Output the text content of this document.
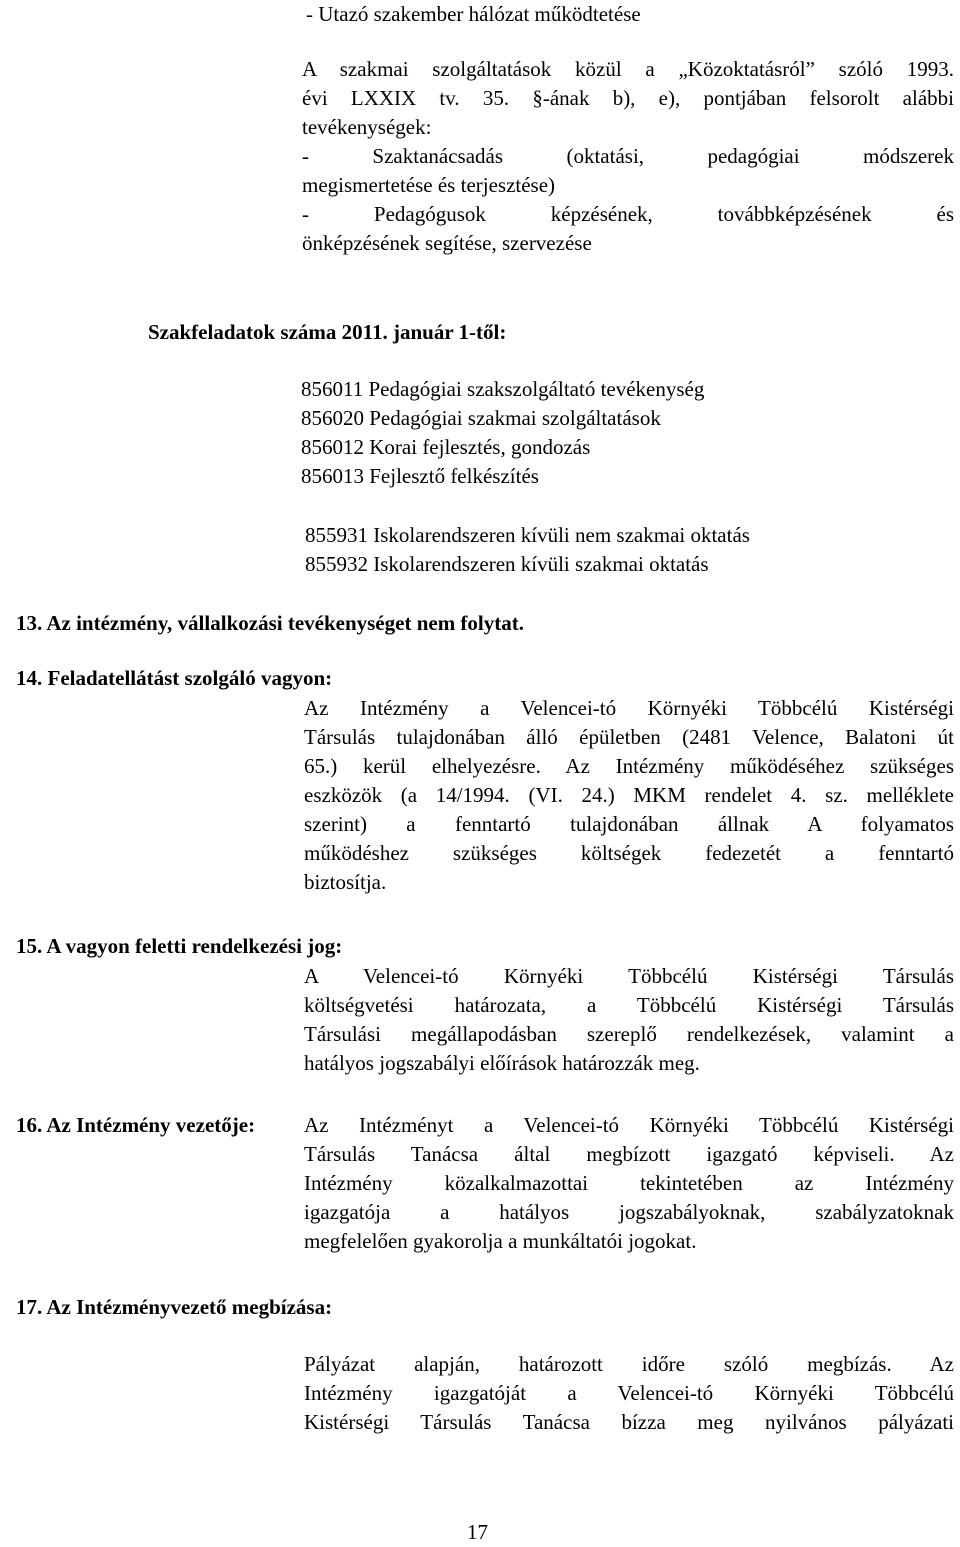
- Utazó szakember hálózat működtetése
A szakmai szolgáltatások közül a „Közoktatásról” szóló 1993.
évi LXXIX tv. 35. §-ának b), e), pontjában felsorolt alábbi
tevékenységek:
- Szaktanácsadás (oktatási, pedagógiai módszerek
megismertetése és terjesztése)
- Pedagógusok képzésének, továbbképzésének és
önképzésének segítése, szervezése
Szakfeladatok száma 2011. január 1-től:
856011 Pedagógiai szakszolgáltató tevékenység
856020 Pedagógiai szakmai szolgáltatások
856012 Korai fejlesztés, gondozás
856013 Fejlesztő felkészítés
855931 Iskolarendszeren kívüli nem szakmai oktatás
855932 Iskolarendszeren kívüli szakmai oktatás
13. Az intézmény, vállalkozási tevékenységet nem folytat.
14. Feladatellátást szolgáló vagyon:
Az Intézmény a Velencei-tó Környéki Többcélú Kistérségi
Társulás tulajdonában álló épületben (2481 Velence, Balatoni út
65.) kerül elhelyezésre. Az Intézmény működéséhez szükséges
eszközök (a 14/1994. (VI. 24.) MKM rendelet 4. sz. melléklete
szerint) a fenntartó tulajdonában állnak A folyamatos
működéshez szükséges költségek fedezetét a fenntartó
biztosítja.
15. A vagyon feletti rendelkezési jog:
A Velencei-tó Környéki Többcélú Kistérségi Társulás
költségvetési határozata, a Többcélú Kistérségi Társulás
Társulási megállapodásban szereplő rendelkezések, valamint a
hatályos jogszabályi előírások határozzák meg.
16. Az Intézmény vezetője: Az Intézményt a Velencei-tó Környéki Többcélú Kistérségi
Társulás Tanácsa által megbízott igazgató képviseli. Az
Intézmény közalkalmazottai tekintetében az Intézmény
igazgatója a hatályos jogszabályoknak, szabályzatoknak
megfelelően gyakorolja a munkáltatói jogokat.
17. Az Intézményvezető megbízása:
Pályázat alapján, határozott időre szóló megbízás. Az
Intézmény igazgatóját a Velencei-tó Környéki Többcélú
Kistérségi Társulás Tanácsa bízza meg nyilvános pályázati
17
